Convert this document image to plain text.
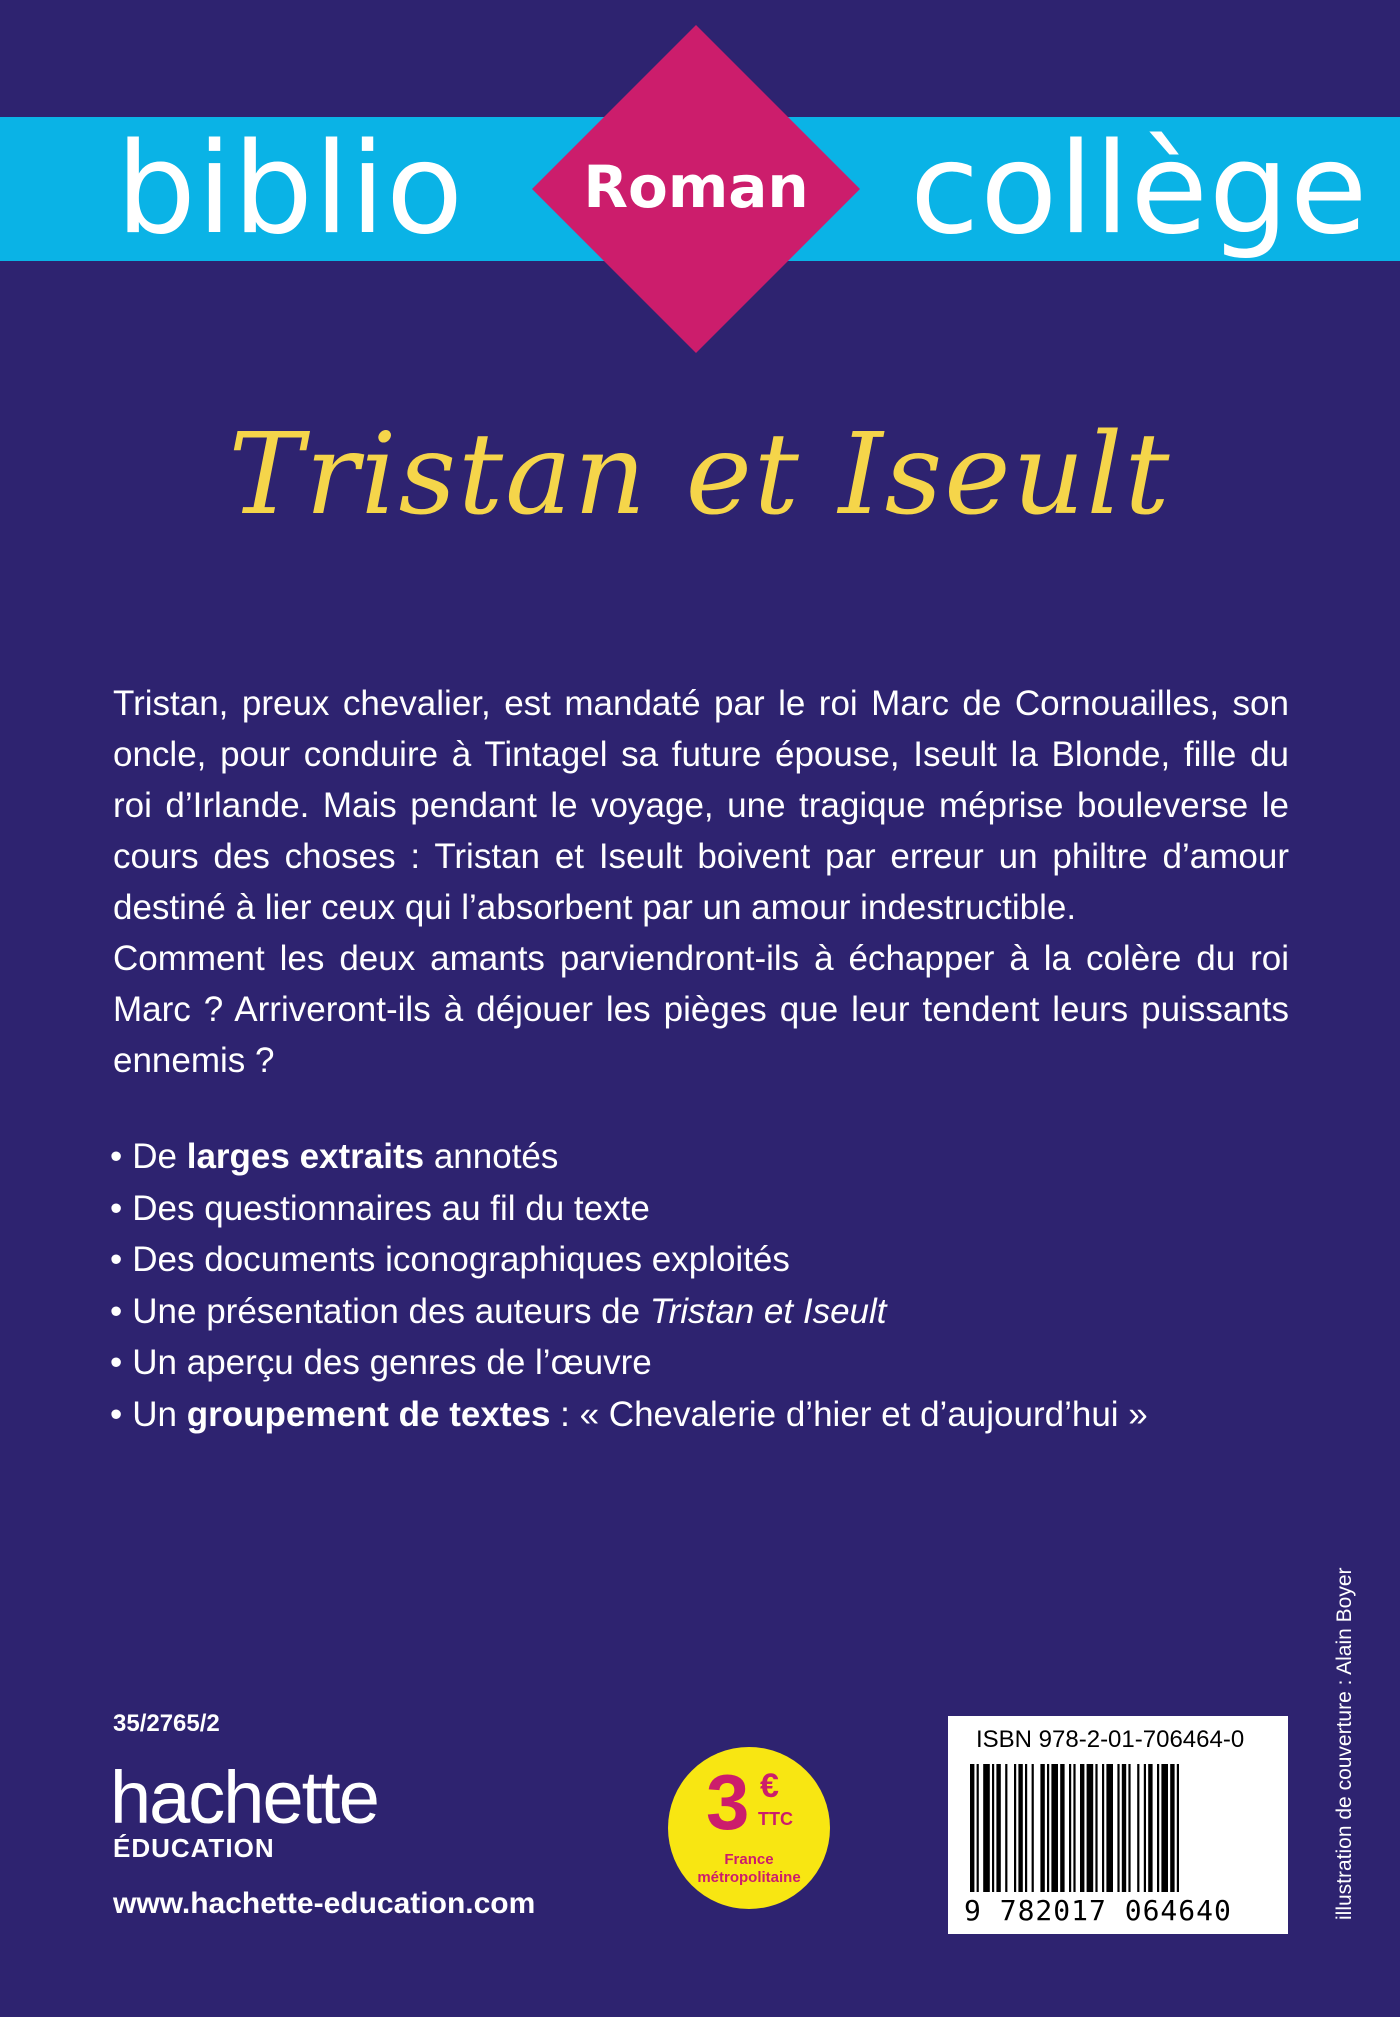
biblio	collège
Roman
Tristan et Iseult

Tristan, preux chevalier, est mandaté par le roi Marc de Cornouailles, son oncle, pour conduire à Tintagel sa future épouse, Iseult la Blonde, fille du roi d’Irlande. Mais pendant le voyage, une tragique méprise bouleverse le cours des choses : Tristan et Iseult boivent par erreur un philtre d’amour destiné à lier ceux qui l’absorbent par un amour indestructible.

Comment les deux amants parviendront-ils à échapper à la colère du roi Marc ? Arriveront-ils à déjouer les pièges que leur tendent leurs puissants ennemis ?

• De larges extraits annotés
• Des questionnaires au fil du texte
• Des documents iconographiques exploités
• Une présentation des auteurs de Tristan et Iseult
• Un aperçu des genres de l’œuvre
• Un groupement de textes : « Chevalerie d’hier et d’aujourd’hui »
35/2765/2
hachette
ÉDUCATION
www.hachette-education.com
3 €
TTC
France
métropolitaine
ISBN 978-2-01-706464-0
9 782017 064640	illustration de couverture : Alain Boyer
